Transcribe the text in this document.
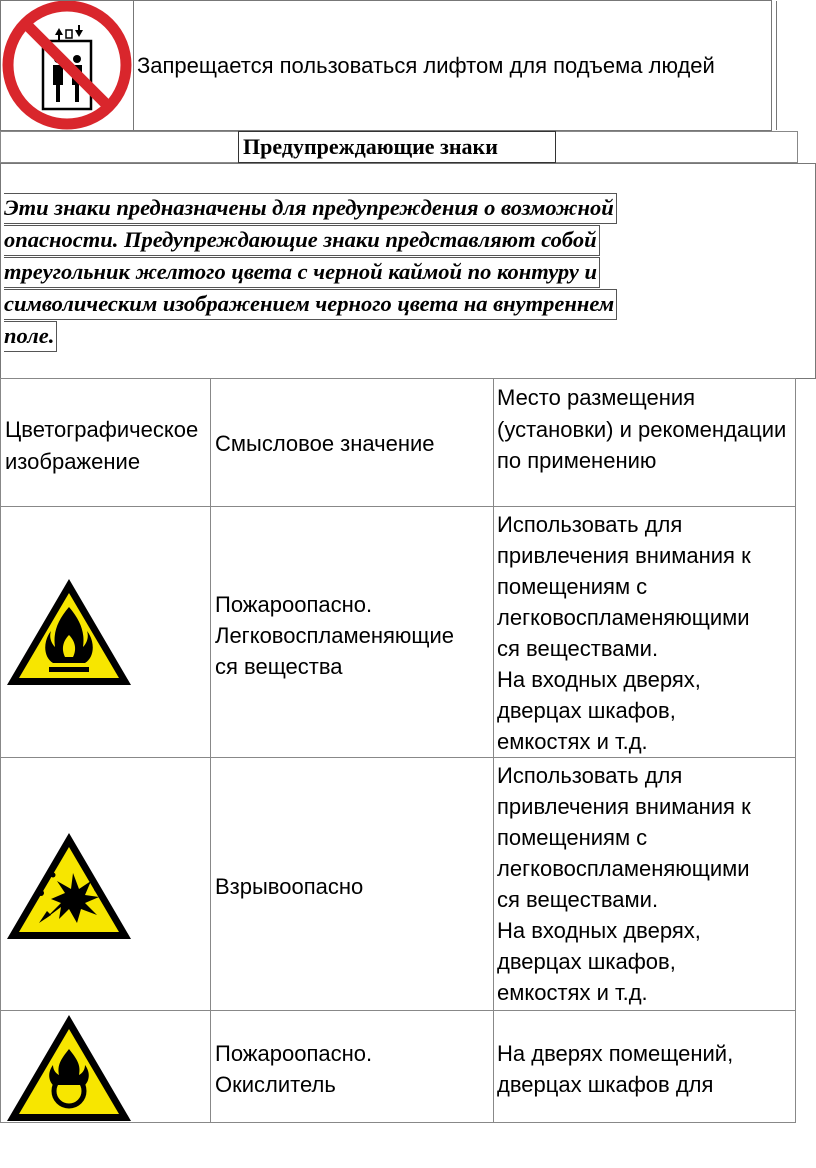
Запрещается пользоваться лифтом для подъема людей
Предупреждающие знаки
Эти знаки предназначены для предупреждения о возможной
опасности. Предупреждающие знаки представляют собой
треугольник желтого цвета с черной каймой по контуру и
символическим изображением черного цвета на внутреннем
поле.
Цветографическое изображение
Смысловое значение
Место размещения (установки) и рекомендации по применению
Пожароопасно.
Легковоспламеняющие
ся вещества
Использовать для
привлечения внимания к
помещениям с
легковоспламеняющими
ся веществами.
На входных дверях,
дверцах шкафов,
емкостях и т.д.
Взрывоопасно
Использовать для
привлечения внимания к
помещениям с
легковоспламеняющими
ся веществами.
На входных дверях,
дверцах шкафов,
емкостях и т.д.
Пожароопасно.
Окислитель
На дверях помещений,
дверцах шкафов для
